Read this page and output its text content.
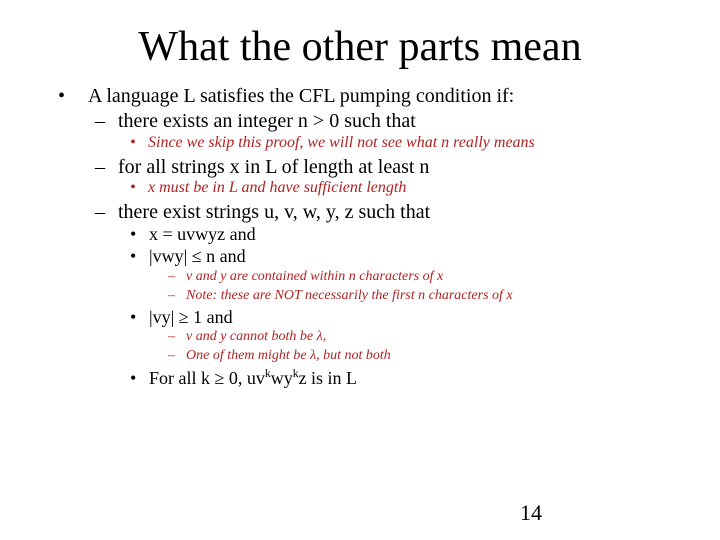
What the other parts mean
• A language L satisfies the CFL pumping condition if:
– there exists an integer n > 0 such that
• Since we skip this proof, we will not see what n really means
– for all strings x in L of length at least n
• x must be in L and have sufficient length
– there exist strings u, v, w, y, z such that
• x = uvwyz and
• |vwy| ≤ n and
– v and y are contained within n characters of x
– Note: these are NOT necessarily the first n characters of x
• |vy| ≥ 1 and
– v and y cannot both be λ,
– One of them might be λ, but not both
• For all k ≥ 0, $uv^kwy^kz$ is in L
14
